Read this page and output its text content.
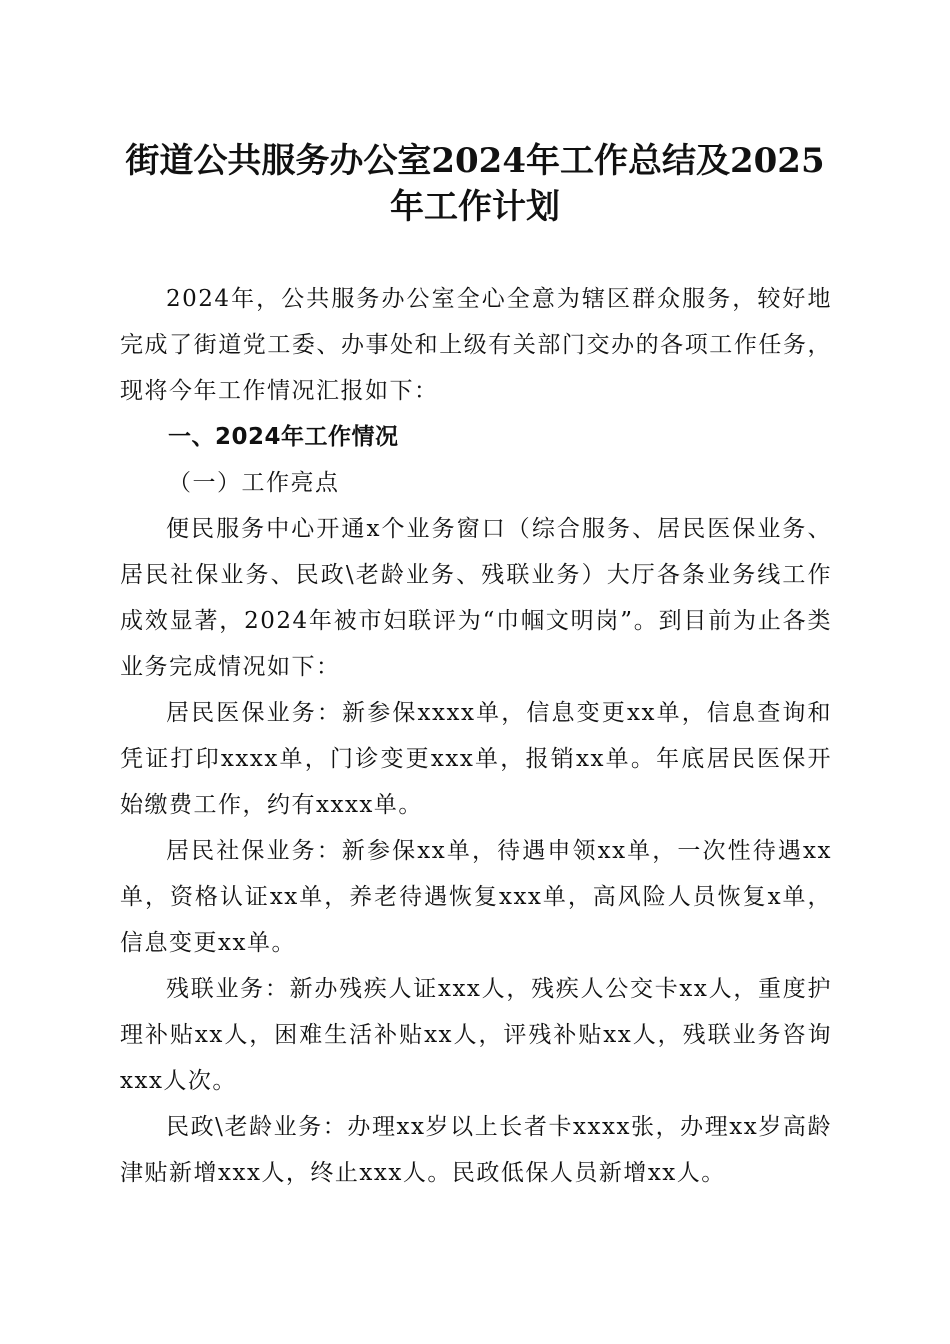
街道公共服务办公室2024年工作总结及2025
年工作计划

2024年，公共服务办公室全心全意为辖区群众服务，较好地完成了街道党工委、办事处和上级有关部门交办的各项工作任务，现将今年工作情况汇报如下：

一、2024年工作情况

（一）工作亮点

便民服务中心开通x个业务窗口（综合服务、居民医保业务、居民社保业务、民政\老龄业务、残联业务）大厅各条业务线工作成效显著，2024年被市妇联评为“巾帼文明岗”。到目前为止各类业务完成情况如下：

居民医保业务：新参保xxxx单，信息变更xx单，信息查询和凭证打印xxxx单，门诊变更xxx单，报销xx单。年底居民医保开始缴费工作，约有xxxx单。

居民社保业务：新参保xx单，待遇申领xx单，一次性待遇xx单，资格认证xx单，养老待遇恢复xxx单，高风险人员恢复x单，信息变更xx单。

残联业务：新办残疾人证xxx人，残疾人公交卡xx人，重度护理补贴xx人，困难生活补贴xx人，评残补贴xx人，残联业务咨询xxx人次。

民政\老龄业务：办理xx岁以上长者卡xxxx张，办理xx岁高龄津贴新增xxx人，终止xxx人。民政低保人员新增xx人。
